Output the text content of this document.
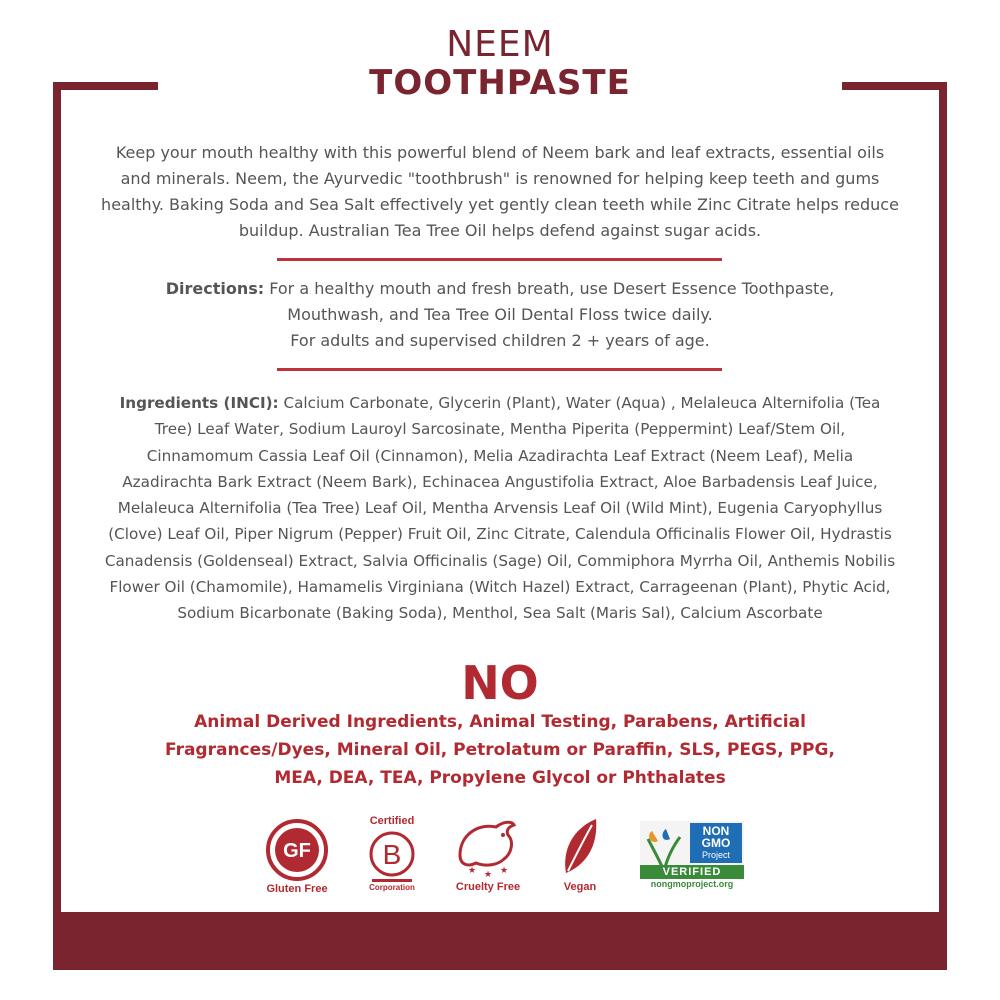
NEEM
TOOTHPASTE
Keep your mouth healthy with this powerful blend of Neem bark and leaf extracts, essential oils and minerals. Neem, the Ayurvedic "toothbrush" is renowned for helping keep teeth and gums healthy. Baking Soda and Sea Salt effectively yet gently clean teeth while Zinc Citrate helps reduce buildup. Australian Tea Tree Oil helps defend against sugar acids.
Directions: For a healthy mouth and fresh breath, use Desert Essence Toothpaste, Mouthwash, and Tea Tree Oil Dental Floss twice daily.
For adults and supervised children 2 + years of age.
Ingredients (INCI): Calcium Carbonate, Glycerin (Plant), Water (Aqua) , Melaleuca Alternifolia (Tea Tree) Leaf Water, Sodium Lauroyl Sarcosinate, Mentha Piperita (Peppermint) Leaf/Stem Oil, Cinnamomum Cassia Leaf Oil (Cinnamon), Melia Azadirachta Leaf Extract (Neem Leaf), Melia Azadirachta Bark Extract (Neem Bark), Echinacea Angustifolia Extract, Aloe Barbadensis Leaf Juice, Melaleuca Alternifolia (Tea Tree) Leaf Oil, Mentha Arvensis Leaf Oil (Wild Mint), Eugenia Caryophyllus (Clove) Leaf Oil, Piper Nigrum (Pepper) Fruit Oil, Zinc Citrate, Calendula Officinalis Flower Oil, Hydrastis Canadensis (Goldenseal) Extract, Salvia Officinalis (Sage) Oil, Commiphora Myrrha Oil, Anthemis Nobilis Flower Oil (Chamomile), Hamamelis Virginiana (Witch Hazel) Extract, Carrageenan (Plant), Phytic Acid, Sodium Bicarbonate (Baking Soda), Menthol, Sea Salt (Maris Sal), Calcium Ascorbate
NO
Animal Derived Ingredients, Animal Testing, Parabens, Artificial Fragrances/Dyes, Mineral Oil, Petrolatum or Paraffin, SLS, PEGS, PPG, MEA, DEA, TEA, Propylene Glycol or Phthalates
GF
Gluten Free
Certified
B
Corporation
★ ★ ★
Cruelty Free	Vegan
NON
GMO
Project
VERIFIED
nongmoproject.org
